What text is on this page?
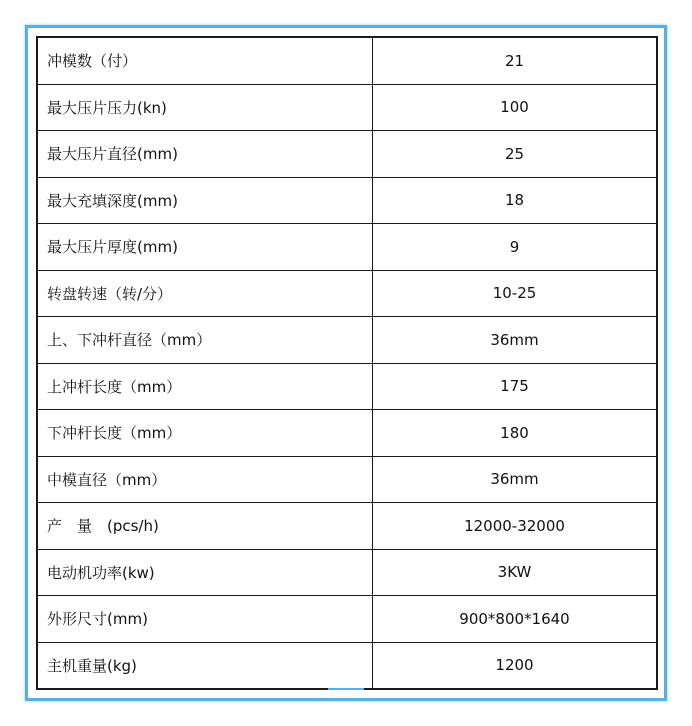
冲模数（付）	21
最大压片压力(kn)	100
最大压片直径(mm)	25
最大充填深度(mm)	18
最大压片厚度(mm)	9
转盘转速（转/分）	10-25
上、下冲杆直径（mm）	36mm
上冲杆长度（mm）	175
下冲杆长度（mm）	180
中模直径（mm）	36mm
产　量　(pcs/h)	12000-32000
电动机功率(kw)	3KW
外形尺寸(mm)	900*800*1640
主机重量(kg)	1200
